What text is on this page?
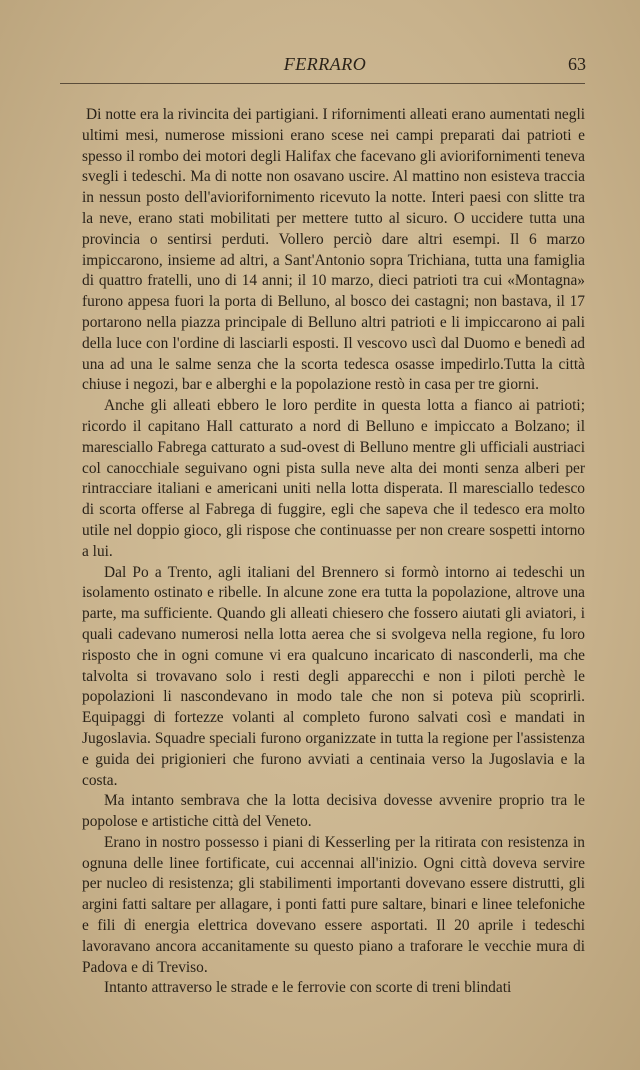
FERRARO	63

Di notte era la rivincita dei partigiani. I rifornimenti alleati erano aumentati negli ultimi mesi, numerose missioni erano scese nei campi preparati dai patrioti e spesso il rombo dei motori degli Halifax che facevano gli aviorifornimenti teneva svegli i tedeschi. Ma di notte non osavano uscire. Al mattino non esisteva traccia in nessun posto dell'aviorifornimento ricevuto la notte. Interi paesi con slitte tra la neve, erano stati mobilitati per mettere tutto al sicuro. O uccidere tutta una provincia o sentirsi perduti. Vollero perciò dare altri esempi. Il 6 marzo impiccarono, insieme ad altri, a Sant'Antonio sopra Trichiana, tutta una famiglia di quattro fratelli, uno di 14 anni; il 10 marzo, dieci patrioti tra cui «Montagna» furono appesa fuori la porta di Belluno, al bosco dei castagni; non bastava, il 17 portarono nella piazza principale di Belluno altri patrioti e li impiccarono ai pali della luce con l'ordine di lasciarli esposti. Il vescovo uscì dal Duomo e benedì ad una ad una le salme senza che la scorta tedesca osasse impedirlo.Tutta la città chiuse i negozi, bar e alberghi e la popolazione restò in casa per tre giorni.

Anche gli alleati ebbero le loro perdite in questa lotta a fianco ai patrioti; ricordo il capitano Hall catturato a nord di Belluno e impiccato a Bolzano; il maresciallo Fabrega catturato a sud-ovest di Belluno mentre gli ufficiali austriaci col canocchiale seguivano ogni pista sulla neve alta dei monti senza alberi per rintracciare italiani e americani uniti nella lotta disperata. Il maresciallo tedesco di scorta offerse al Fabrega di fuggire, egli che sapeva che il tedesco era molto utile nel doppio gioco, gli rispose che continuasse per non creare sospetti intorno a lui.

Dal Po a Trento, agli italiani del Brennero si formò intorno ai tedeschi un isolamento ostinato e ribelle. In alcune zone era tutta la popolazione, altrove una parte, ma sufficiente. Quando gli alleati chiesero che fossero aiutati gli aviatori, i quali cadevano numerosi nella lotta aerea che si svolgeva nella regione, fu loro risposto che in ogni comune vi era qualcuno incaricato di nasconderli, ma che talvolta si trovavano solo i resti degli apparecchi e non i piloti perchè le popolazioni li nascondevano in modo tale che non si poteva più scoprirli. Equipaggi di fortezze volanti al completo furono salvati così e mandati in Jugoslavia. Squadre speciali furono organizzate in tutta la regione per l'assistenza e guida dei prigionieri che furono avviati a centinaia verso la Jugoslavia e la costa.

Ma intanto sembrava che la lotta decisiva dovesse avvenire proprio tra le popolose e artistiche città del Veneto.

Erano in nostro possesso i piani di Kesserling per la ritirata con resistenza in ognuna delle linee fortificate, cui accennai all'inizio. Ogni città doveva servire per nucleo di resistenza; gli stabilimenti importanti dovevano essere distrutti, gli argini fatti saltare per allagare, i ponti fatti pure saltare, binari e linee telefoniche e fili di energia elettrica dovevano essere asportati. Il 20 aprile i tedeschi lavoravano ancora accanitamente su questo piano a traforare le vecchie mura di Padova e di Treviso.

Intanto attraverso le strade e le ferrovie con scorte di treni blindati
